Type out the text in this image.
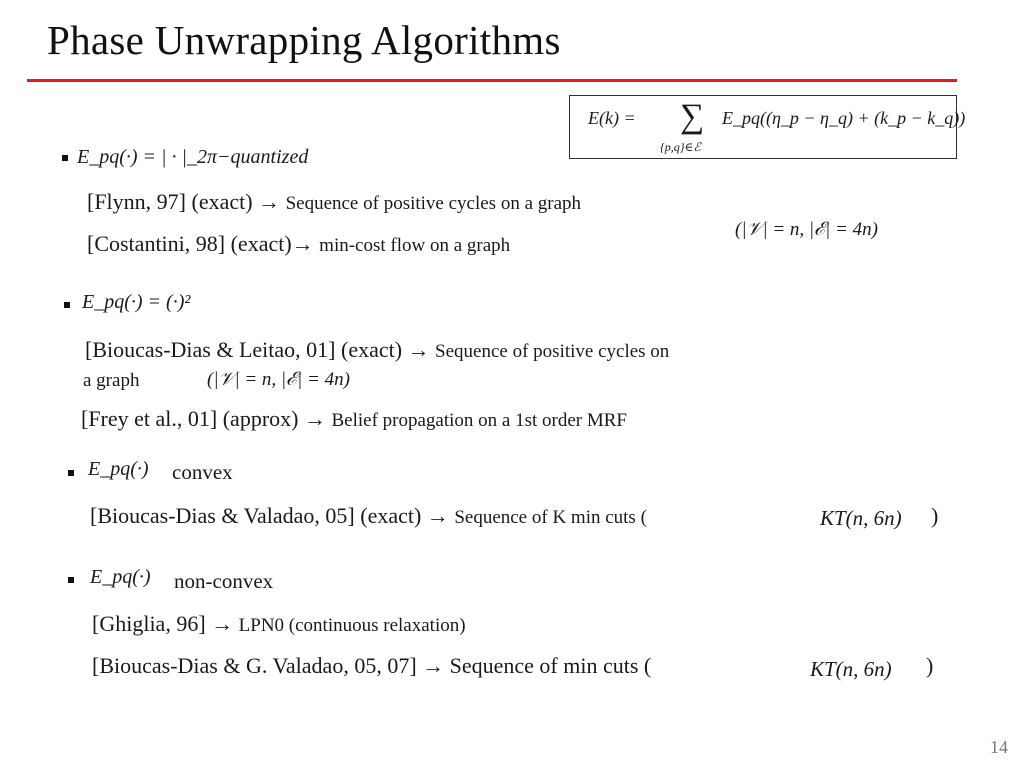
Phase Unwrapping Algorithms
E(k) = ∑
{p,q}∈ℰ
E_pq((η_p − η_q) + (k_p − k_q))
E_pq(·) = | · |_2π−quantized
[Flynn, 97] (exact) → Sequence of positive cycles on a graph
[Costantini, 98] (exact)→ min-cost flow on a graph
(|𝒱| = n, |ℰ| = 4n)
E_pq(·) = (·)²
[Bioucas-Dias & Leitao, 01] (exact) → Sequence of positive cycles on
a graph	(|𝒱| = n, |ℰ| = 4n)
[Frey et al., 01] (approx) → Belief propagation on a 1st order MRF
E_pq(·) convex
[Bioucas-Dias & Valadao, 05] (exact) → Sequence of K min cuts (	KT(n, 6n) )
E_pq(·) non-convex
[Ghiglia, 96] → LPN0 (continuous relaxation)
[Bioucas-Dias & G. Valadao, 05, 07] → Sequence of min cuts (	KT(n, 6n) )
14
